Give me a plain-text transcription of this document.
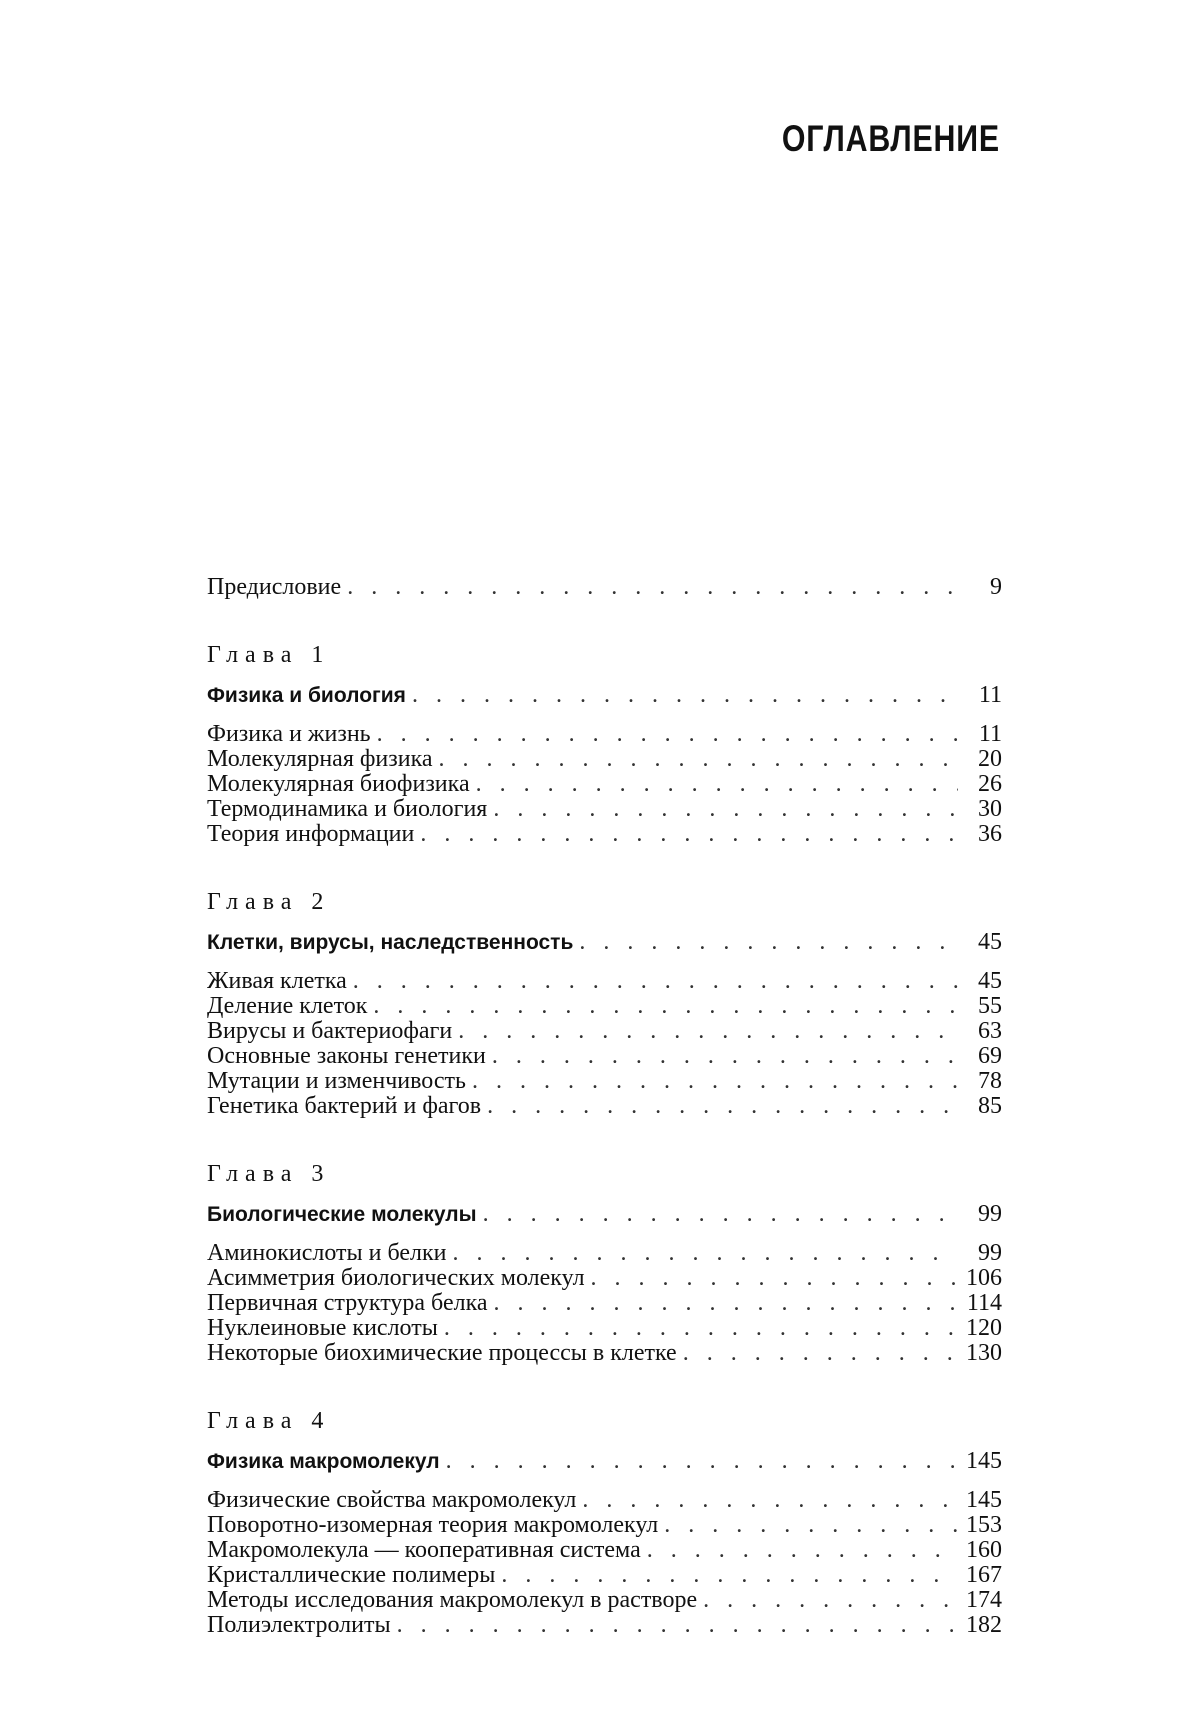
ОГЛАВЛЕНИЕ
Предисловие . . .	9
Глава 1
Физика и биология . . .	11
Физика и жизнь . . .	11
Молекулярная физика . . .	20
Молекулярная биофизика . . .	26
Термодинамика и биология . . .	30
Теория информации . . .	36
Глава 2
Клетки, вирусы, наследственность . . .	45
Живая клетка . . .	45
Деление клеток . . .	55
Вирусы и бактериофаги . . .	63
Основные законы генетики . . .	69
Мутации и изменчивость . . .	78
Генетика бактерий и фагов . . .	85
Глава 3
Биологические молекулы . . .	99
Аминокислоты и белки . . .	99
Асимметрия биологических молекул . . .	106
Первичная структура белка . . .	114
Нуклеиновые кислоты . . .	120
Некоторые биохимические процессы в клетке . . .	130
Глава 4
Физика макромолекул . . .	145
Физические свойства макромолекул . . .	145
Поворотно-изомерная теория макромолекул . . .	153
Макромолекула — кооперативная система . . .	160
Кристаллические полимеры . . .	167
Методы исследования макромолекул в растворе . . .	174
Полиэлектролиты . . .	182
